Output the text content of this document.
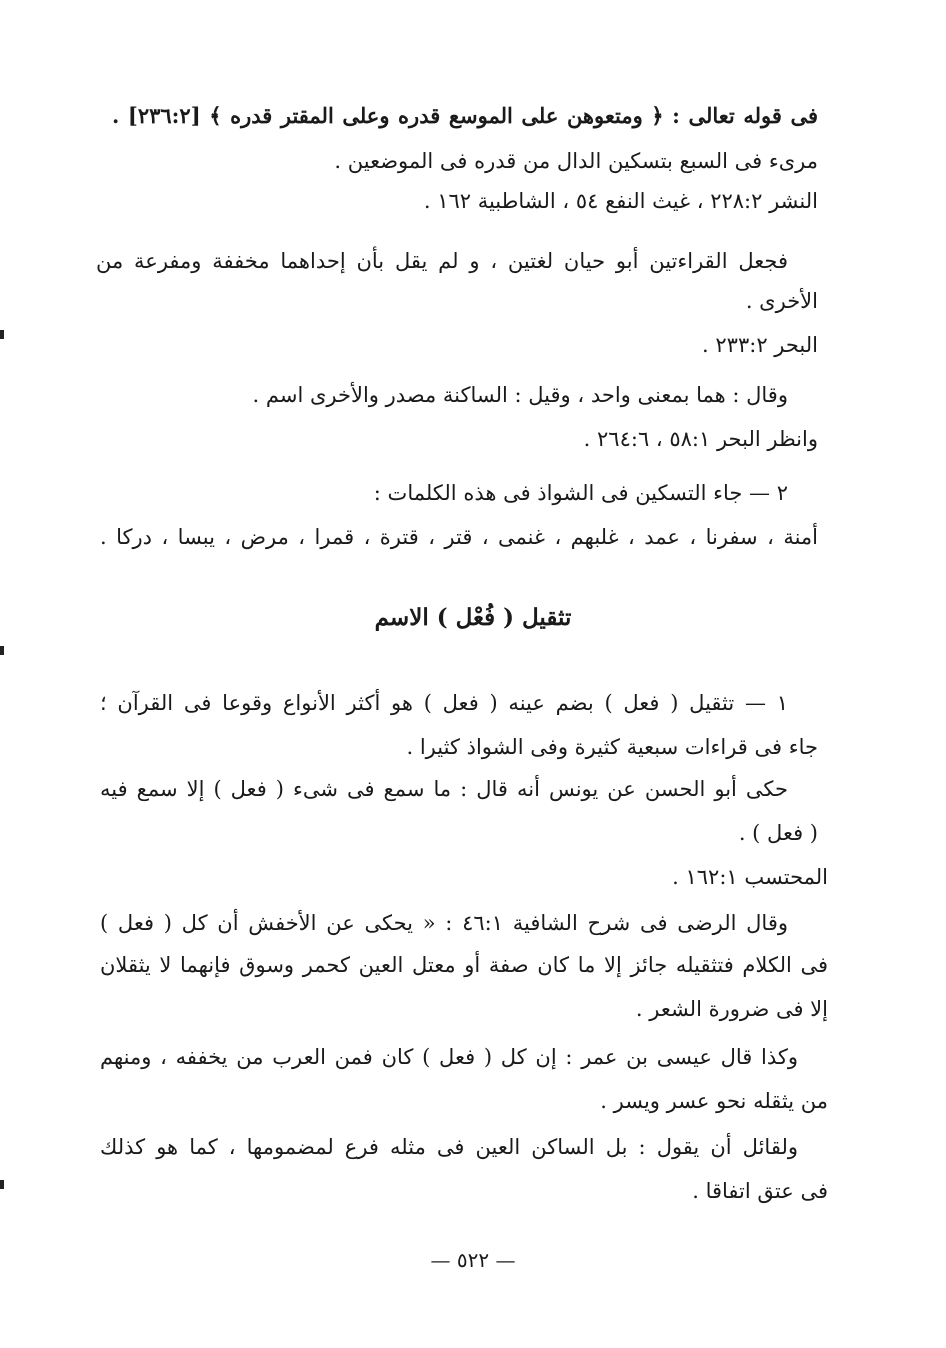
فى قوله تعالى : ﴿ ومتعوهن على الموسع قدره وعلى المقتر قدره ﴾ [٢٣٦:٢] .
مرىء فى السبع بتسكين الدال من قدره فى الموضعين .
النشر ٢٢٨:٢ ، غيث النفع ٥٤ ، الشاطبية ١٦٢ .
فجعل القراءتين أبو حيان لغتين ، و لم يقل بأن إحداهما مخففة ومفرعة من
الأخرى .
البحر ٢٣٣:٢ .
وقال : هما بمعنى واحد ، وقيل : الساكنة مصدر والأخرى اسم .
وانظر البحر ٥٨:١ ، ٢٦٤:٦ .
٢ — جاء التسكين فى الشواذ فى هذه الكلمات :
أمنة ، سفرنا ، عمد ، غلبهم ، غنمى ، قتر ، قترة ، قمرا ، مرض ، يبسا ، دركا .
تثقيل ( فُعْل ) الاسم
١ — تثقيل ( فعل ) بضم عينه ( فعل ) هو أكثر الأنواع وقوعا فى القرآن ؛
جاء فى قراءات سبعية كثيرة وفى الشواذ كثيرا .
حكى أبو الحسن عن يونس أنه قال : ما سمع فى شىء ( فعل ) إلا سمع فيه
( فعل ) .
المحتسب ١٦٢:١ .
وقال الرضى فى شرح الشافية ٤٦:١ : « يحكى عن الأخفش أن كل ( فعل )
فى الكلام فتثقيله جائز إلا ما كان صفة أو معتل العين كحمر وسوق فإنهما لا يثقلان
إلا فى ضرورة الشعر .
وكذا قال عيسى بن عمر : إن كل ( فعل ) كان فمن العرب من يخففه ، ومنهم
من يثقله نحو عسر ويسر .
ولقائل أن يقول : بل الساكن العين فى مثله فرع لمضمومها ، كما هو كذلك
فى عتق اتفاقا .
— ٥٢٢ —
